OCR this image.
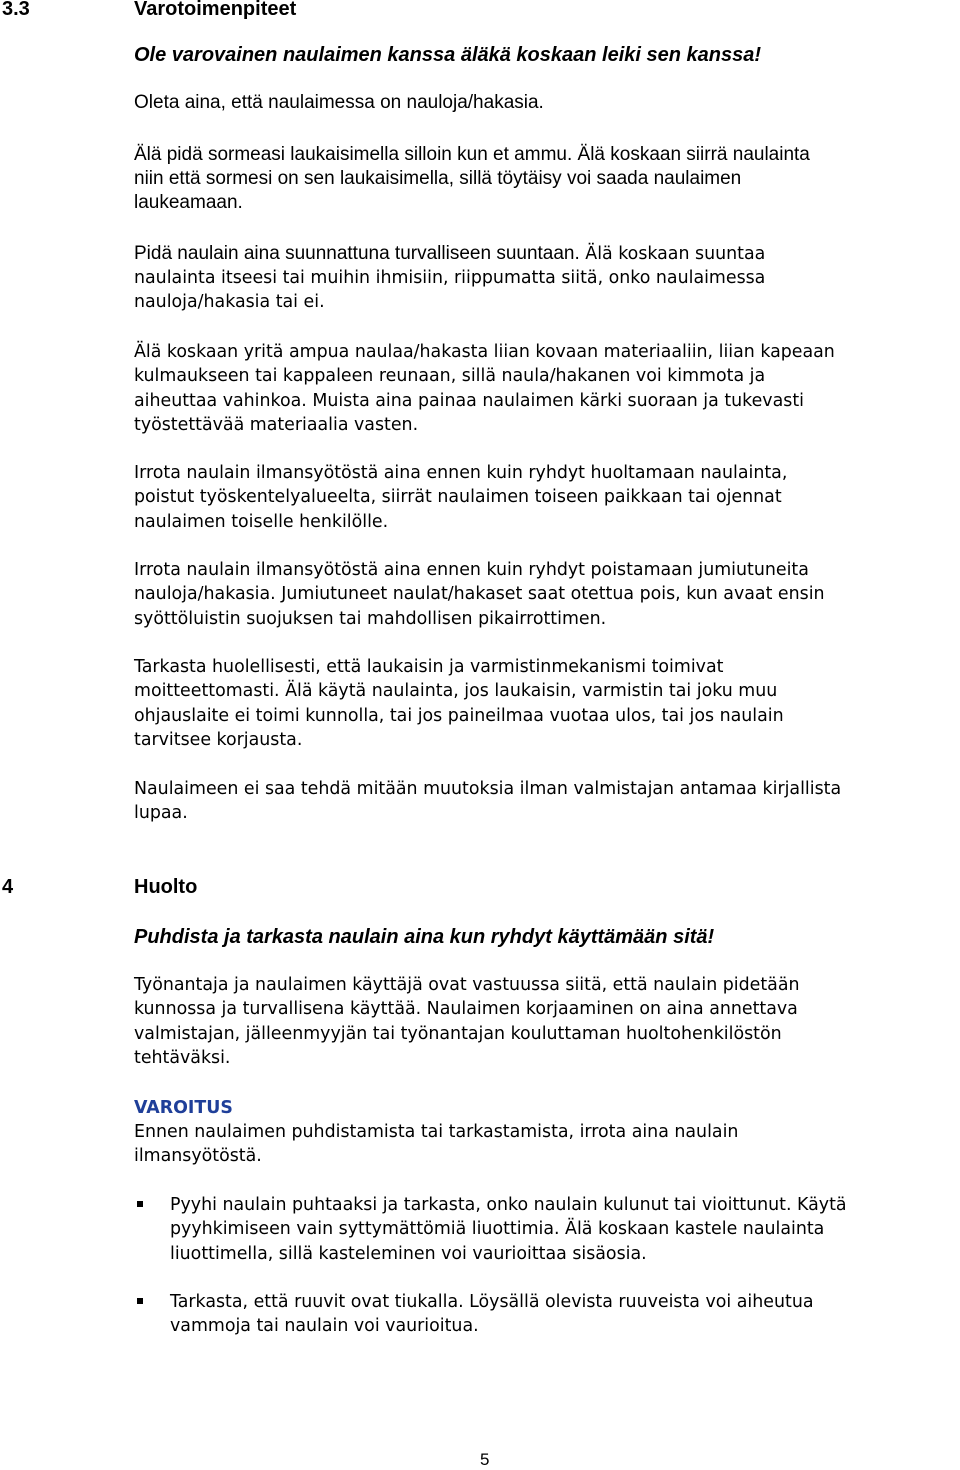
3.3	Varotoimenpiteet
Ole varovainen naulaimen kanssa äläkä koskaan leiki sen kanssa!
Oleta aina, että naulaimessa on nauloja/hakasia.
Älä pidä sormeasi laukaisimella silloin kun et ammu. Älä koskaan siirrä naulainta
niin että sormesi on sen laukaisimella, sillä töytäisy voi saada naulaimen
laukeamaan.
Pidä naulain aina suunnattuna turvalliseen suuntaan. Älä koskaan suuntaa
naulainta itseesi tai muihin ihmisiin, riippumatta siitä, onko naulaimessa
nauloja/hakasia tai ei.
Älä koskaan yritä ampua naulaa/hakasta liian kovaan materiaaliin, liian kapeaan
kulmaukseen tai kappaleen reunaan, sillä naula/hakanen voi kimmota ja
aiheuttaa vahinkoa. Muista aina painaa naulaimen kärki suoraan ja tukevasti
työstettävää materiaalia vasten.
Irrota naulain ilmansyötöstä aina ennen kuin ryhdyt huoltamaan naulainta,
poistut työskentelyalueelta, siirrät naulaimen toiseen paikkaan tai ojennat
naulaimen toiselle henkilölle.
Irrota naulain ilmansyötöstä aina ennen kuin ryhdyt poistamaan jumiutuneita
nauloja/hakasia. Jumiutuneet naulat/hakaset saat otettua pois, kun avaat ensin
syöttöluistin suojuksen tai mahdollisen pikairrottimen.
Tarkasta huolellisesti, että laukaisin ja varmistinmekanismi toimivat
moitteettomasti. Älä käytä naulainta, jos laukaisin, varmistin tai joku muu
ohjauslaite ei toimi kunnolla, tai jos paineilmaa vuotaa ulos, tai jos naulain
tarvitsee korjausta.
Naulaimeen ei saa tehdä mitään muutoksia ilman valmistajan antamaa kirjallista
lupaa.
4	Huolto
Puhdista ja tarkasta naulain aina kun ryhdyt käyttämään sitä!
Työnantaja ja naulaimen käyttäjä ovat vastuussa siitä, että naulain pidetään
kunnossa ja turvallisena käyttää. Naulaimen korjaaminen on aina annettava
valmistajan, jälleenmyyjän tai työnantajan kouluttaman huoltohenkilöstön
tehtäväksi.
VAROITUS
Ennen naulaimen puhdistamista tai tarkastamista, irrota aina naulain
ilmansyötöstä.
Pyyhi naulain puhtaaksi ja tarkasta, onko naulain kulunut tai vioittunut. Käytä
pyyhkimiseen vain syttymättömiä liuottimia. Älä koskaan kastele naulainta
liuottimella, sillä kasteleminen voi vaurioittaa sisäosia.
Tarkasta, että ruuvit ovat tiukalla. Löysällä olevista ruuveista voi aiheutua
vammoja tai naulain voi vaurioitua.
5
